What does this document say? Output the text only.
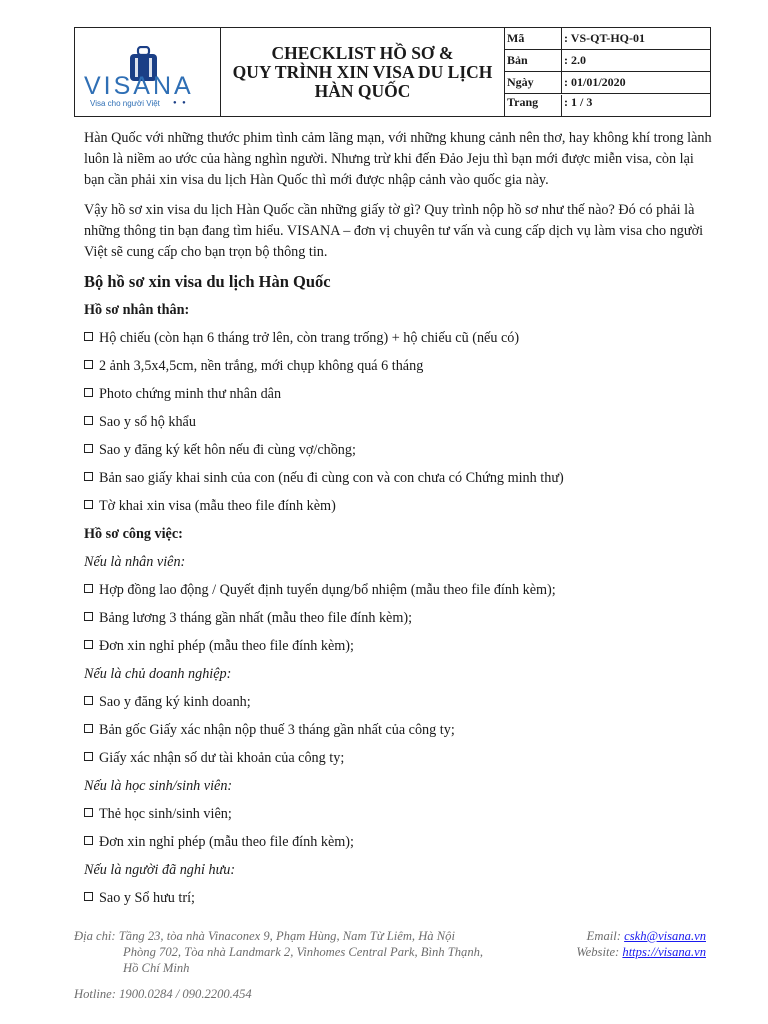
VISANA
Visa cho người Việt ● ●
CHECKLIST HỒ SƠ &
QUY TRÌNH XIN VISA DU LỊCH
HÀN QUỐC
Mã	: VS-QT-HQ-01
Bản	: 2.0
Ngày	: 01/01/2020
Trang	: 1 / 3

Hàn Quốc với những thước phim tình cảm lãng mạn, với những khung cảnh nên thơ, hay không khí trong lành luôn là niềm ao ước của hàng nghìn người. Nhưng trừ khi đến Đảo Jeju thì bạn mới được miễn visa, còn lại bạn cần phải xin visa du lịch Hàn Quốc thì mới được nhập cảnh vào quốc gia này.

Vậy hồ sơ xin visa du lịch Hàn Quốc cần những giấy tờ gì? Quy trình nộp hồ sơ như thế nào? Đó có phải là những thông tin bạn đang tìm hiểu. VISANA – đơn vị chuyên tư vấn và cung cấp dịch vụ làm visa cho người Việt sẽ cung cấp cho bạn trọn bộ thông tin.

Bộ hồ sơ xin visa du lịch Hàn Quốc
Hồ sơ nhân thân:
Hộ chiếu (còn hạn 6 tháng trở lên, còn trang trống) + hộ chiếu cũ (nếu có)
2 ảnh 3,5x4,5cm, nền trắng, mới chụp không quá 6 tháng
Photo chứng minh thư nhân dân
Sao y sổ hộ khẩu
Sao y đăng ký kết hôn nếu đi cùng vợ/chồng;
Bản sao giấy khai sinh của con (nếu đi cùng con và con chưa có Chứng minh thư)
Tờ khai xin visa (mẫu theo file đính kèm)
Hồ sơ công việc:
Nếu là nhân viên:
Hợp đồng lao động / Quyết định tuyển dụng/bổ nhiệm (mẫu theo file đính kèm);
Bảng lương 3 tháng gần nhất (mẫu theo file đính kèm);
Đơn xin nghỉ phép (mẫu theo file đính kèm);
Nếu là chủ doanh nghiệp:
Sao y đăng ký kinh doanh;
Bản gốc Giấy xác nhận nộp thuế 3 tháng gần nhất của công ty;
Giấy xác nhận số dư tài khoản của công ty;
Nếu là học sinh/sinh viên:
Thẻ học sinh/sinh viên;
Đơn xin nghỉ phép (mẫu theo file đính kèm);
Nếu là người đã nghỉ hưu:
Sao y Sổ hưu trí;
Địa chỉ: Tầng 23, tòa nhà Vinaconex 9, Phạm Hùng, Nam Từ Liêm, Hà Nội
Phòng 702, Tòa nhà Landmark 2, Vinhomes Central Park, Bình Thạnh,
Hồ Chí Minh
Email: cskh@visana.vn
Website: https://visana.vn
Hotline: 1900.0284 / 090.2200.454
